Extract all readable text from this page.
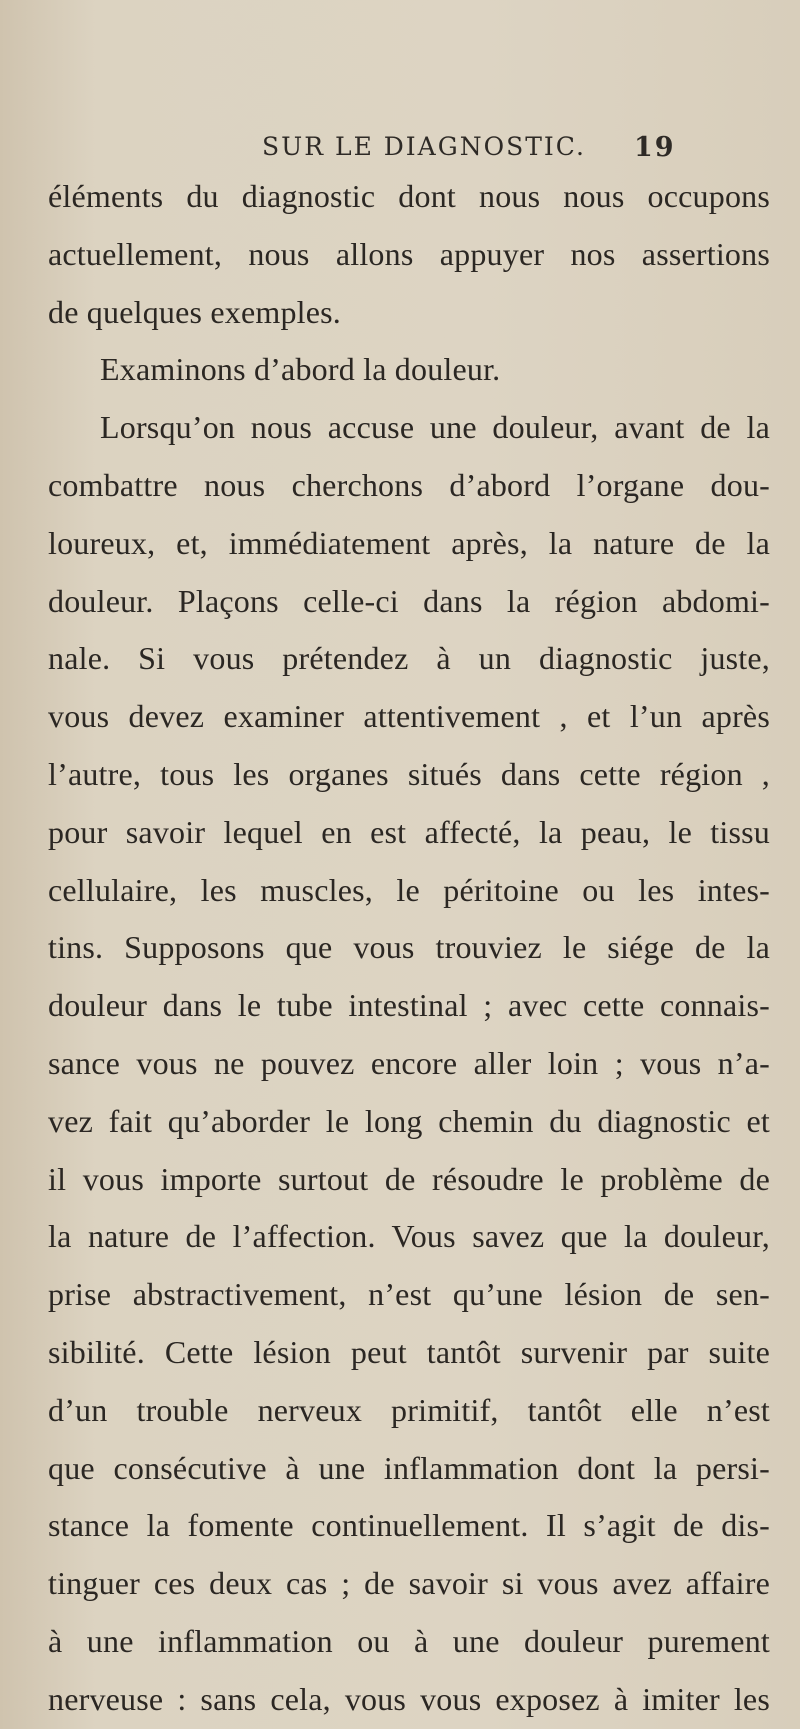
SUR LE DIAGNOSTIC. 19
éléments du diagnostic dont nous nous occupons
actuellement, nous allons appuyer nos assertions
de quelques exemples.
Examinons d’abord la douleur.
Lorsqu’on nous accuse une douleur, avant de la
combattre nous cherchons d’abord l’organe dou-
loureux, et, immédiatement après, la nature de la
douleur. Plaçons celle-ci dans la région abdomi-
nale. Si vous prétendez à un diagnostic juste,
vous devez examiner attentivement , et l’un après
l’autre, tous les organes situés dans cette région ,
pour savoir lequel en est affecté, la peau, le tissu
cellulaire, les muscles, le péritoine ou les intes-
tins. Supposons que vous trouviez le siége de la
douleur dans le tube intestinal ; avec cette connais-
sance vous ne pouvez encore aller loin ; vous n’a-
vez fait qu’aborder le long chemin du diagnostic et
il vous importe surtout de résoudre le problème de
la nature de l’affection. Vous savez que la douleur,
prise abstractivement, n’est qu’une lésion de sen-
sibilité. Cette lésion peut tantôt survenir par suite
d’un trouble nerveux primitif, tantôt elle n’est
que consécutive à une inflammation dont la persi-
stance la fomente continuellement. Il s’agit de dis-
tinguer ces deux cas ; de savoir si vous avez affaire
à une inflammation ou à une douleur purement
nerveuse : sans cela, vous vous exposez à imiter les
